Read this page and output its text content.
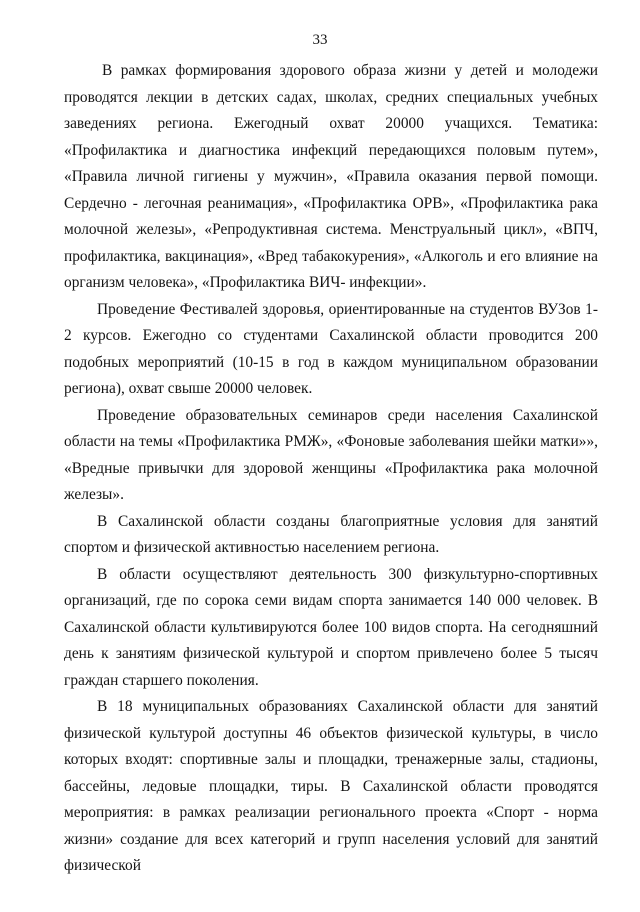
33

В рамках формирования здорового образа жизни у детей и молодежи проводятся лекции в детских садах, школах, средних специальных учебных заведениях региона. Ежегодный охват 20000 учащихся. Тематика: «Профилактика и диагностика инфекций передающихся половым путем», «Правила личной гигиены у мужчин», «Правила оказания первой помощи. Сердечно - легочная реанимация», «Профилактика ОРВ», «Профилактика рака молочной железы», «Репродуктивная система. Менструальный цикл», «ВПЧ, профилактика, вакцинация», «Вред табакокурения», «Алкоголь и его влияние на организм человека», «Профилактика ВИЧ- инфекции».

Проведение Фестивалей здоровья, ориентированные на студентов ВУЗов 1-2 курсов. Ежегодно со студентами Сахалинской области проводится 200 подобных мероприятий (10-15 в год в каждом муниципальном образовании региона), охват свыше 20000 человек.

Проведение образовательных семинаров среди населения Сахалинской области на темы «Профилактика РМЖ», «Фоновые заболевания шейки матки»», «Вредные привычки для здоровой женщины «Профилактика рака молочной железы».

В Сахалинской области созданы благоприятные условия для занятий спортом и физической активностью населением региона.

В области осуществляют деятельность 300 физкультурно-спортивных организаций, где по сорока семи видам спорта занимается 140 000 человек. В Сахалинской области культивируются более 100 видов спорта. На сегодняшний день к занятиям физической культурой и спортом привлечено более 5 тысяч граждан старшего поколения.

В 18 муниципальных образованиях Сахалинской области для занятий физической культурой доступны 46 объектов физической культуры, в число которых входят: спортивные залы и площадки, тренажерные залы, стадионы, бассейны, ледовые площадки, тиры. В Сахалинской области проводятся мероприятия: в рамках реализации регионального проекта «Спорт - норма жизни» создание для всех категорий и групп населения условий для занятий физической
